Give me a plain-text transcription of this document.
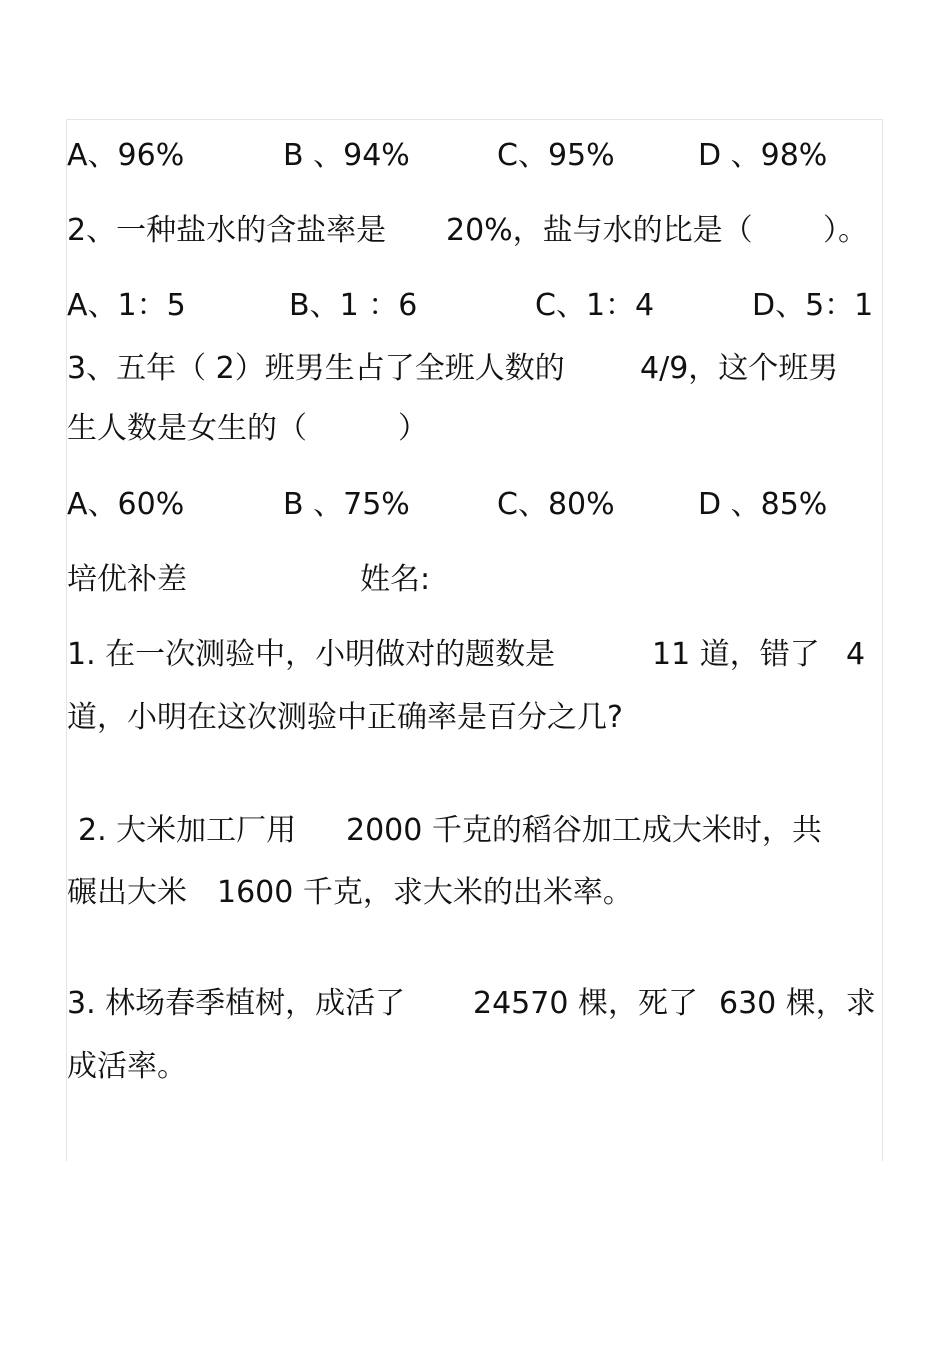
A、96%	B 、94%	C、95%	D 、98%
2、一种盐水的含盐率是 20%，盐与水的比是（ ）。
A、1：5	B、1 ：6	C、1：4	D、5：1
3、五年（ 2）班男生占了全班人数的	4/9，这个班男
生人数是女生的（	）
A、60%	B 、75%	C、80%	D 、85%
培优补差	姓名:
1. 在一次测验中，小明做对的题数是	11 道，错了 4
道，小明在这次测验中正确率是百分之几?
2. 大米加工厂用 2000 千克的稻谷加工成大米时，共
碾出大米 1600 千克，求大米的出米率。
3. 林场春季植树，成活了 24570 棵，死了 630 棵，求
成活率。
